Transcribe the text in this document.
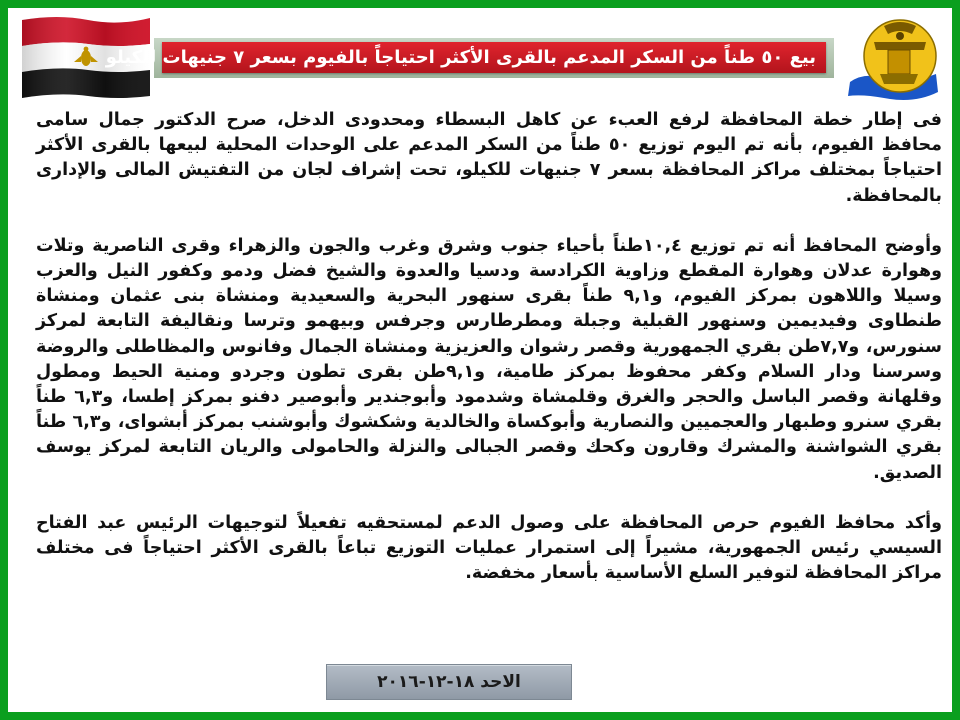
بيع ٥٠ طناً من السكر المدعم بالقرى الأكثر احتياجاً بالفيوم بسعر ٧ جنيهات للكيلو

فى إطار خطة المحافظة لرفع العبء عن كاهل البسطاء ومحدودى الدخل، صرح الدكتور جمال سامى محافظ الفيوم، بأنه تم اليوم توزيع ٥٠ طناً من السكر المدعم على الوحدات المحلية لبيعها بالقرى الأكثر احتياجاً بمختلف مراكز المحافظة بسعر ٧ جنيهات للكيلو، تحت إشراف لجان من التفتيش المالى والإدارى بالمحافظة.

وأوضح المحافظ أنه تم توزيع ١٠,٤طناً بأحياء جنوب وشرق وغرب والجون والزهراء وقرى الناصرية وتلات وهوارة عدلان وهوارة المقطع وزاوية الكرادسة ودسيا والعدوة والشيخ فضل ودمو وكفور النيل والعزب وسيلا واللاهون بمركز الفيوم، و٩,١ طناً بقرى سنهور البحرية والسعيدية ومنشاة بنى عثمان ومنشاة طنطاوى وفيديمين وسنهور القبلية وجبلة ومطرطارس وجرفس وبيهمو وترسا ونقاليفة التابعة لمركز سنورس، و٧,٧طن بقري الجمهورية وقصر رشوان والعزيزية ومنشاة الجمال وفانوس والمظاطلى والروضة وسرسنا ودار السلام وكفر محفوظ بمركز طامية، و٩,١طن بقرى تطون وجردو ومنية الحيط ومطول وقلهانة وقصر الباسل والحجر والغرق وقلمشاة وشدمود وأبوجندير وأبوصير دفنو بمركز إطسا، و٦,٣ طناً بقري سنرو وطبهار والعجميين والنصارية وأبوكساة والخالدية وشكشوك وأبوشنب بمركز أبشواى، و٦,٣ طناً بقري الشواشنة والمشرك وقارون وكحك وقصر الجبالى والنزلة والحامولى والريان التابعة لمركز يوسف الصديق.

وأكد محافظ الفيوم حرص المحافظة على وصول الدعم لمستحقيه تفعيلاً لتوجيهات الرئيس عبد الفتاح السيسي رئيس الجمهورية، مشيراً إلى استمرار عمليات التوزيع تباعاً بالقرى الأكثر احتياجاً فى مختلف مراكز المحافظة لتوفير السلع الأساسية بأسعار مخفضة.

الاحد ١٨-١٢-٢٠١٦
